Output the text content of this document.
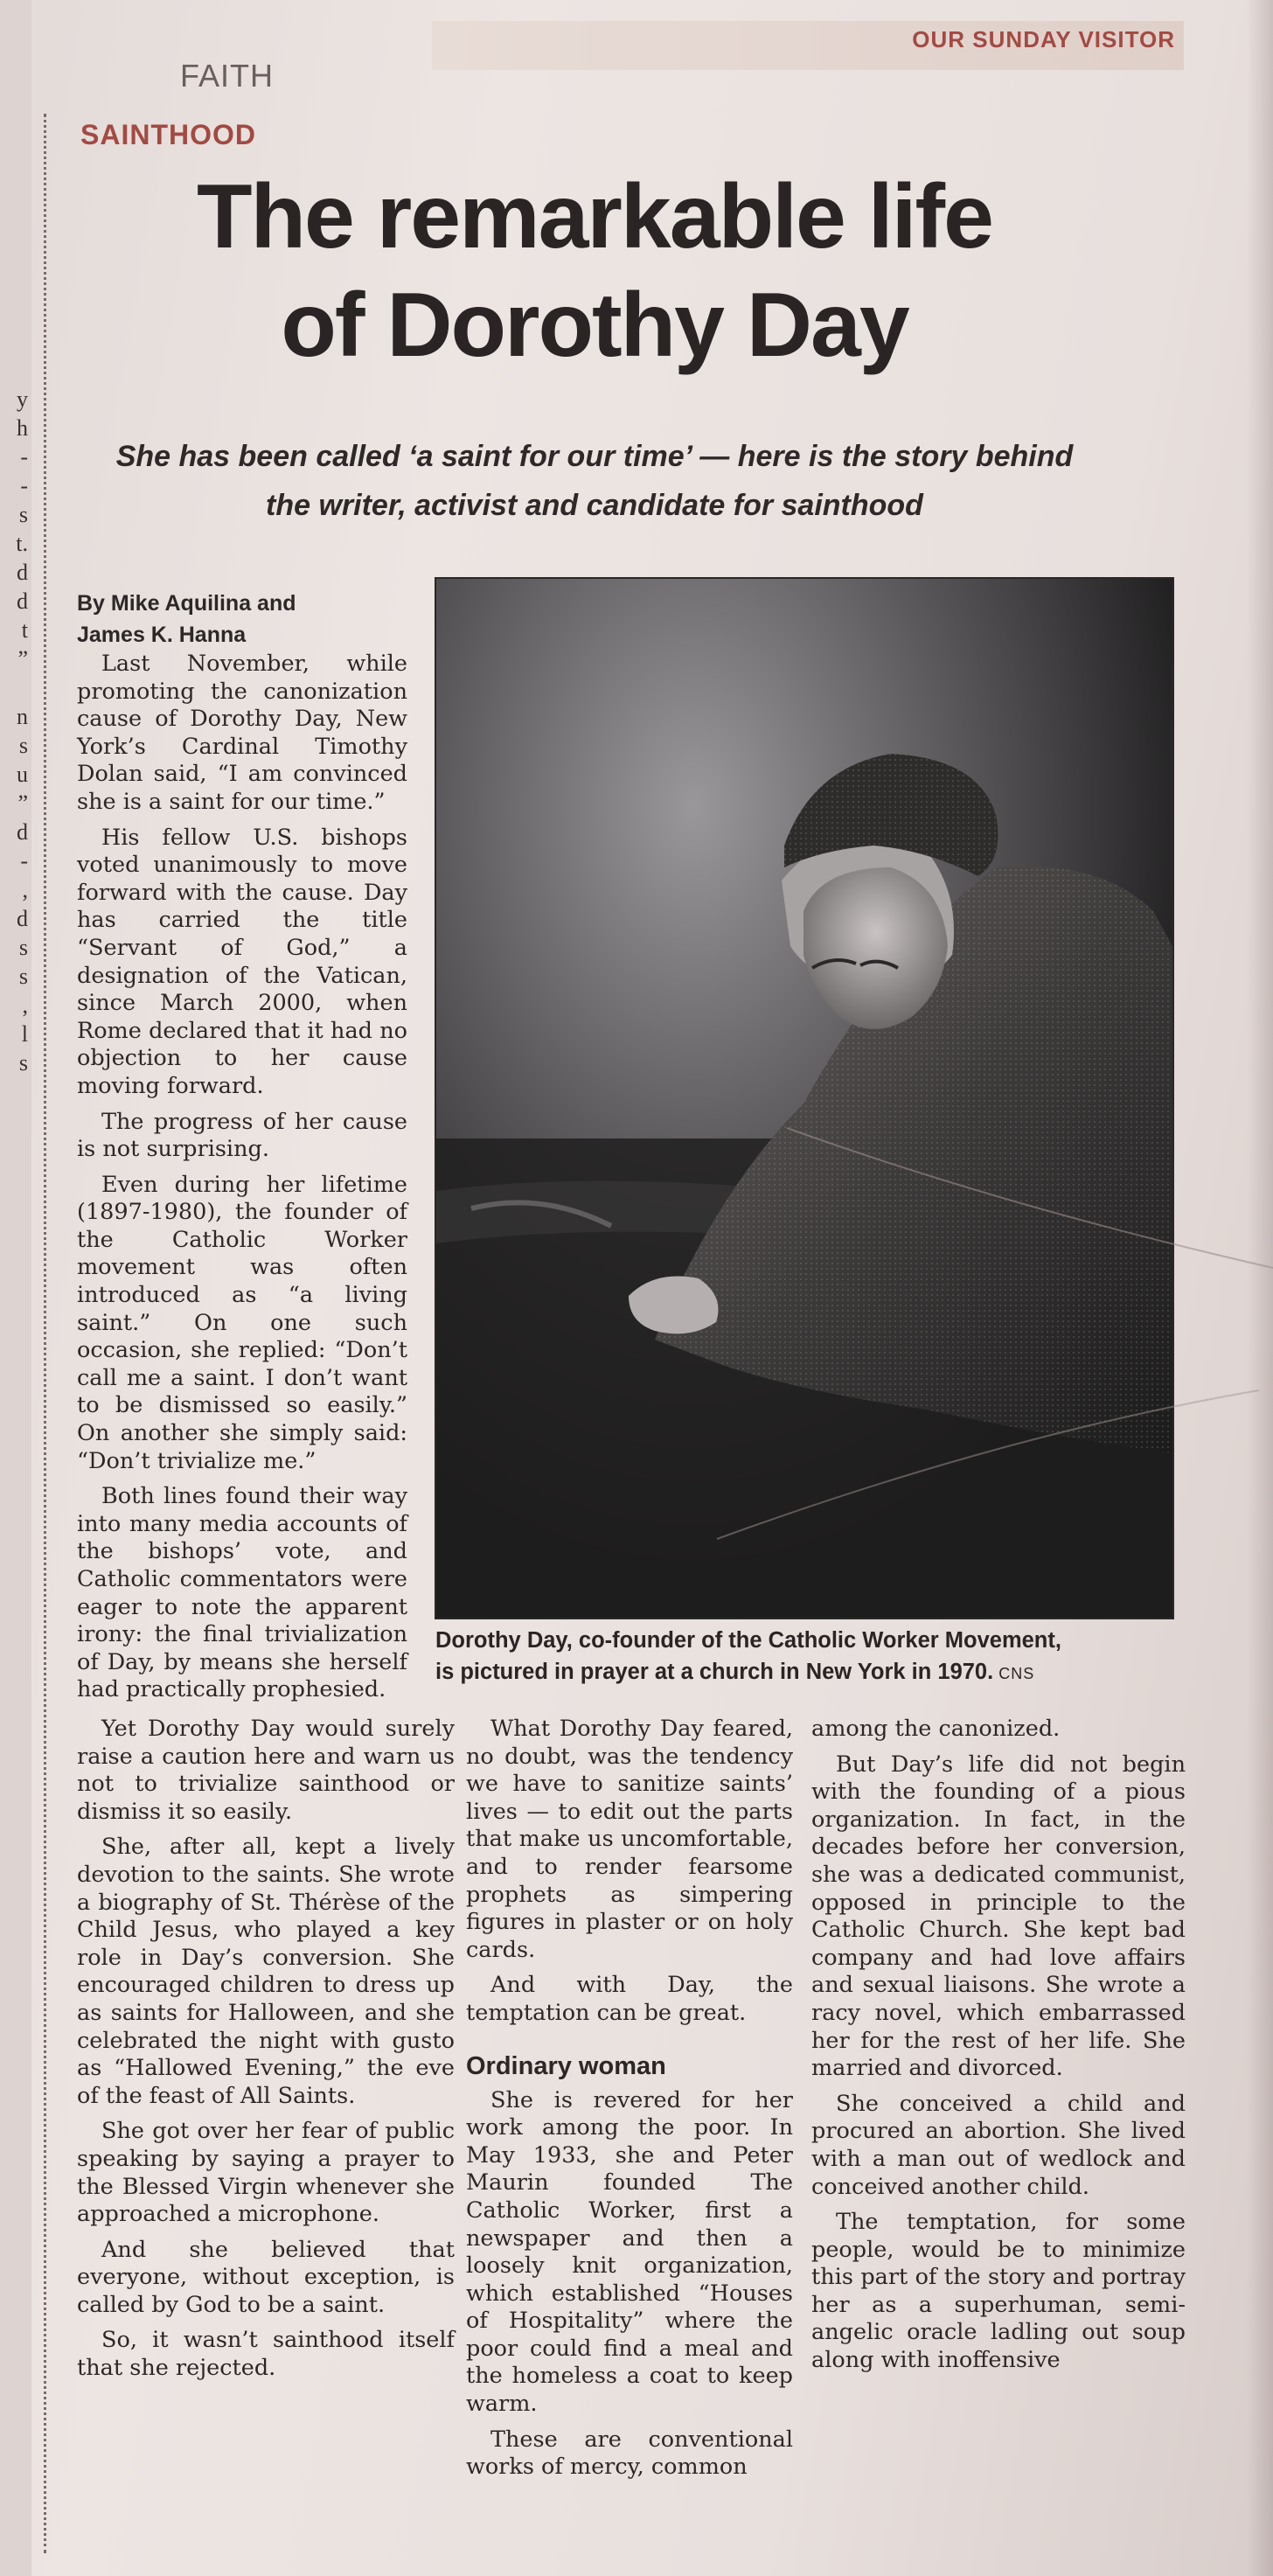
y
h
-
-
s
t.
d
d
t
”
n
s
u
”
d
-
,
d
s
s
,
l
s
FAITH
OUR SUNDAY VISITOR
SAINTHOOD
The remarkable life
of Dorothy Day
She has been called ‘a saint for our time’ — here is the story behind
the writer, activist and candidate for sainthood
By Mike Aquilina and
James K. Hanna

Last November, while promoting the canonization cause of Dorothy Day, New York’s Cardinal Timothy Dolan said, “I am convinced she is a saint for our time.”

His fellow U.S. bishops voted unanimously to move forward with the cause. Day has carried the title “Servant of God,” a designation of the Vatican, since March 2000, when Rome declared that it had no objection to her cause moving forward.

The progress of her cause is not surprising.

Even during her lifetime (1897-1980), the founder of the Catholic Worker movement was often introduced as “a living saint.” On one such occasion, she replied: “Don’t call me a saint. I don’t want to be dismissed so easily.” On another she simply said: “Don’t trivialize me.”

Both lines found their way into many media accounts of the bishops’ vote, and Catholic commentators were eager to note the apparent irony: the final trivialization of Day, by means she herself had practically prophesied.

Dorothy Day, co-founder of the Catholic Worker Movement,
is pictured in prayer at a church in New York in 1970. CNS

Yet Dorothy Day would surely raise a caution here and warn us not to trivialize sainthood or dismiss it so easily.

She, after all, kept a lively devotion to the saints. She wrote a biography of St. Thérèse of the Child Jesus, who played a key role in Day’s conversion. She encouraged children to dress up as saints for Halloween, and she celebrated the night with gusto as “Hallowed Evening,” the eve of the feast of All Saints.

She got over her fear of public speaking by saying a prayer to the Blessed Virgin whenever she approached a microphone.

And she believed that everyone, without exception, is called by God to be a saint.

So, it wasn’t sainthood itself that she rejected.

What Dorothy Day feared, no doubt, was the tendency we have to sanitize saints’ lives — to edit out the parts that make us uncomfortable, and to render fearsome prophets as simpering figures in plaster or on holy cards.

And with Day, the temptation can be great.

Ordinary woman

She is revered for her work among the poor. In May 1933, she and Peter Maurin founded The Catholic Worker, first a newspaper and then a loosely knit organization, which established “Houses of Hospitality” where the poor could find a meal and the homeless a coat to keep warm.

These are conventional works of mercy, common

among the canonized.

But Day’s life did not begin with the founding of a pious organization. In fact, in the decades before her conversion, she was a dedicated communist, opposed in principle to the Catholic Church. She kept bad company and had love affairs and sexual liaisons. She wrote a racy novel, which embarrassed her for the rest of her life. She married and divorced.

She conceived a child and procured an abortion. She lived with a man out of wedlock and conceived another child.

The temptation, for some people, would be to minimize this part of the story and portray her as a superhuman, semi-angelic oracle ladling out soup along with inoffensive
